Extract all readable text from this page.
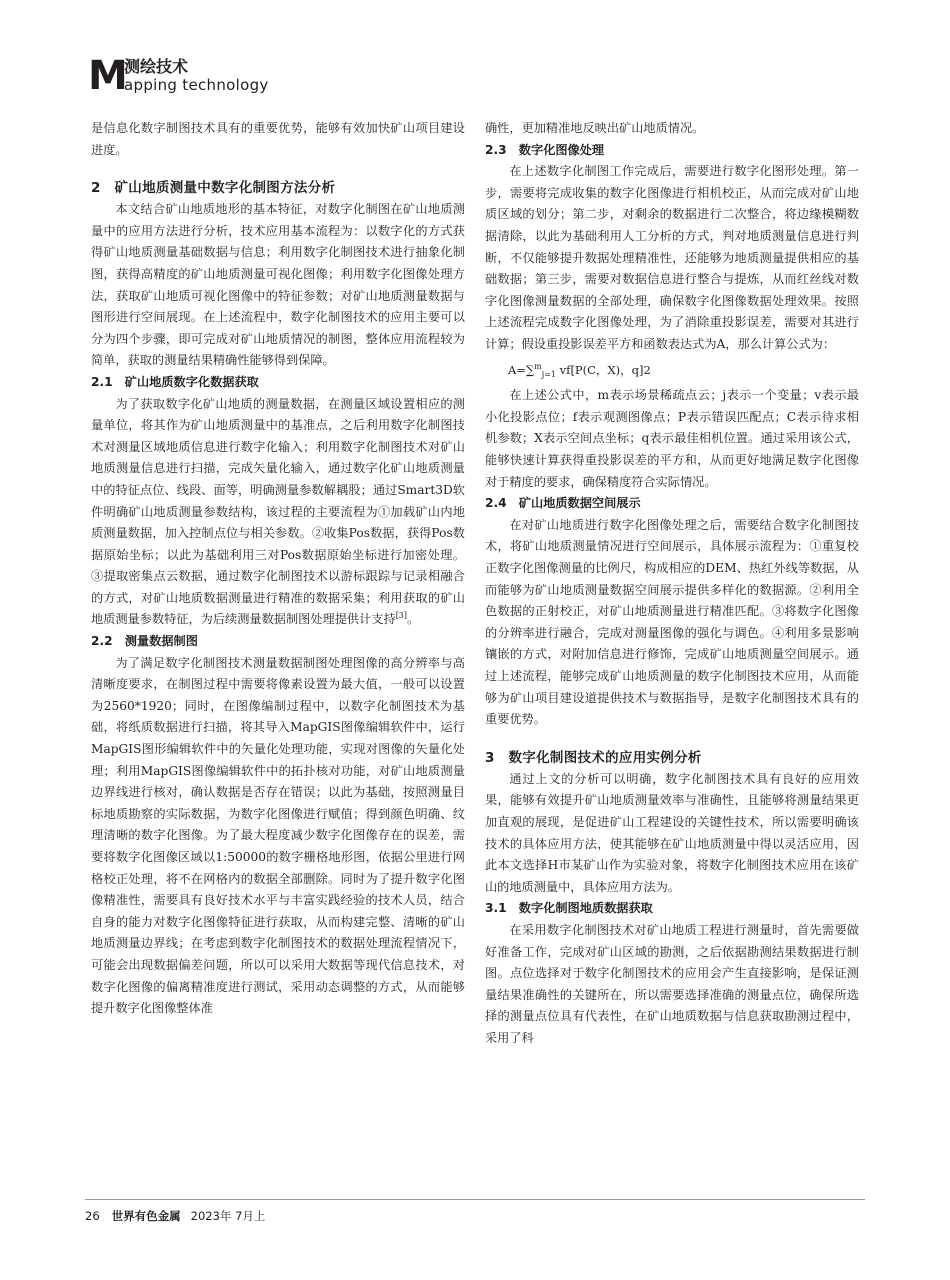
M
测绘技术
apping technology

是信息化数字制图技术具有的重要优势，能够有效加快矿山项目建设进度。

2　矿山地质测量中数字化制图方法分析

本文结合矿山地质地形的基本特征，对数字化制图在矿山地质测量中的应用方法进行分析，技术应用基本流程为：以数字化的方式获得矿山地质测量基础数据与信息；利用数字化制图技术进行抽象化制图，获得高精度的矿山地质测量可视化图像；利用数字化图像处理方法，获取矿山地质可视化图像中的特征参数；对矿山地质测量数据与图形进行空间展现。在上述流程中，数字化制图技术的应用主要可以分为四个步骤，即可完成对矿山地质情况的制图，整体应用流程较为简单，获取的测量结果精确性能够得到保障。

2.1　矿山地质数字化数据获取

为了获取数字化矿山地质的测量数据，在测量区域设置相应的测量单位，将其作为矿山地质测量中的基准点，之后利用数字化制图技术对测量区域地质信息进行数字化输入；利用数字化制图技术对矿山地质测量信息进行扫描，完成矢量化输入，通过数字化矿山地质测量中的特征点位、线段、面等，明确测量参数解耦股；通过Smart3D软件明确矿山地质测量参数结构，该过程的主要流程为①加载矿山内地质测量数据，加入控制点位与相关参数。②收集Pos数据，获得Pos数据原始坐标；以此为基础利用三对Pos数据原始坐标进行加密处理。③提取密集点云数据，通过数字化制图技术以游标跟踪与记录相融合的方式，对矿山地质数据测量进行精准的数据采集；利用获取的矿山地质测量参数特征，为后续测量数据制图处理提供计支持[3]。

2.2　测量数据制图

为了满足数字化制图技术测量数据制图处理图像的高分辨率与高清晰度要求，在制图过程中需要将像素设置为最大值，一般可以设置为2560*1920；同时，在图像编制过程中，以数字化制图技术为基础，将纸质数据进行扫描，将其导入MapGIS图像编辑软件中，运行MapGIS图形编辑软件中的矢量化处理功能，实现对图像的矢量化处理；利用MapGIS图像编辑软件中的拓扑核对功能，对矿山地质测量边界线进行核对，确认数据是否存在错误；以此为基础，按照测量目标地质勘察的实际数据，为数字化图像进行赋值；得到颜色明确、纹理清晰的数字化图像。为了最大程度减少数字化图像存在的误差，需要将数字化图像区域以1:50000的数字栅格地形图，依据公里进行网格校正处理，将不在网格内的数据全部删除。同时为了提升数字化图像精准性，需要具有良好技术水平与丰富实践经验的技术人员，结合自身的能力对数字化图像特征进行获取，从而构建完整、清晰的矿山地质测量边界线；在考虑到数字化制图技术的数据处理流程情况下，可能会出现数据偏差问题，所以可以采用大数据等现代信息技术，对数字化图像的偏离精准度进行测试，采用动态调整的方式，从而能够提升数字化图像整体准

确性，更加精准地反映出矿山地质情况。

2.3　数字化图像处理

在上述数字化制图工作完成后，需要进行数字化图形处理。第一步，需要将完成收集的数字化图像进行相机校正，从而完成对矿山地质区域的划分；第二步，对剩余的数据进行二次整合，将边缘模糊数据清除，以此为基础利用人工分析的方式，判对地质测量信息进行判断，不仅能够提升数据处理精准性，还能够为地质测量提供相应的基础数据；第三步，需要对数据信息进行整合与提炼，从而红丝线对数字化图像测量数据的全部处理，确保数字化图像数据处理效果。按照上述流程完成数字化图像处理，为了消除重投影误差，需要对其进行计算；假设重投影误差平方和函数表达式为A，那么计算公式为：

A=∑$^m_{j=1}$ vf[P(C，X)，q]2

在上述公式中，m表示场景稀疏点云；j表示一个变量；v表示最小化投影点位；f表示观测图像点；P表示错误匹配点；C表示待求相机参数；X表示空间点坐标；q表示最佳相机位置。通过采用该公式，能够快速计算获得重投影误差的平方和，从而更好地满足数字化图像对于精度的要求，确保精度符合实际情况。

2.4　矿山地质数据空间展示

在对矿山地质进行数字化图像处理之后，需要结合数字化制图技术，将矿山地质测量情况进行空间展示，具体展示流程为：①重复校正数字化图像测量的比例尺，构成相应的DEM、热红外线等数据，从而能够为矿山地质测量数据空间展示提供多样化的数据源。②利用全色数据的正射校正，对矿山地质测量进行精准匹配。③将数字化图像的分辨率进行融合，完成对测量图像的强化与调色。④利用多景影响镶嵌的方式，对附加信息进行修饰，完成矿山地质测量空间展示。通过上述流程，能够完成矿山地质测量的数字化制图技术应用，从而能够为矿山项目建设道提供技术与数据指导，是数字化制图技术具有的重要优势。

3　数字化制图技术的应用实例分析

通过上文的分析可以明确，数字化制图技术具有良好的应用效果，能够有效提升矿山地质测量效率与准确性，且能够将测量结果更加直观的展现，是促进矿山工程建设的关键性技术，所以需要明确该技术的具体应用方法，使其能够在矿山地质测量中得以灵活应用，因此本文选择H市某矿山作为实验对象，将数字化制图技术应用在该矿山的地质测量中，具体应用方法为。

3.1　数字化制图地质数据获取

在采用数字化制图技术对矿山地质工程进行测量时，首先需要做好准备工作，完成对矿山区域的勘测，之后依据勘测结果数据进行制图。点位选择对于数字化制图技术的应用会产生直接影响，是保证测量结果准确性的关键所在，所以需要选择准确的测量点位，确保所选择的测量点位具有代表性，在矿山地质数据与信息获取勘测过程中，采用了科

26 世界有色金属 2023年 7月上
